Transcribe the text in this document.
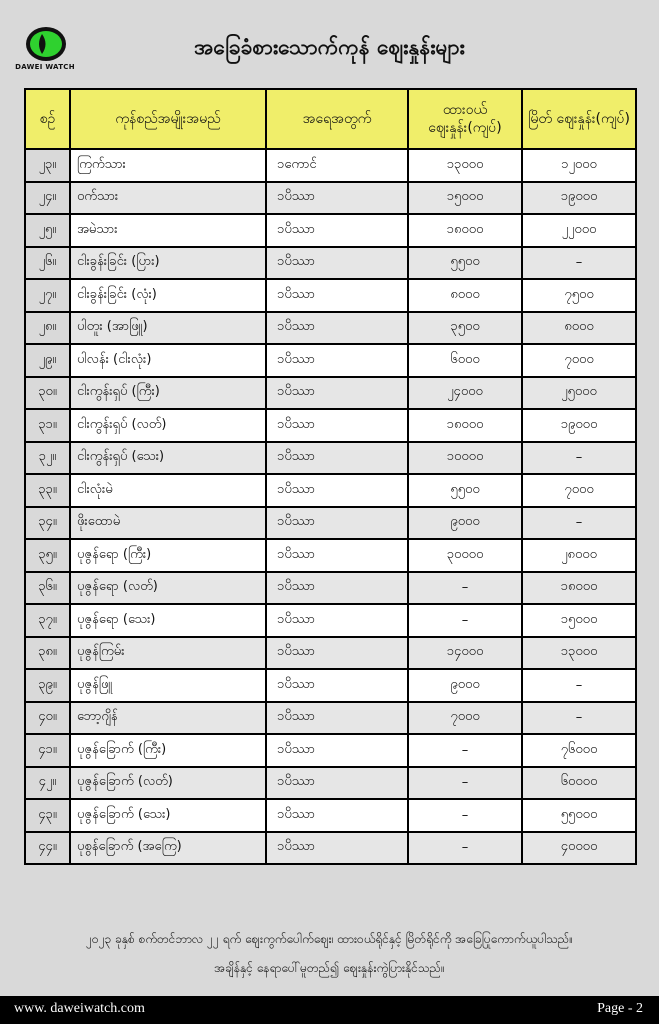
DAWEI WATCH
အခြေခံစားသောက်ကုန် ဈေးနှုန်းများ
စဉ်	ကုန်စည်အမျိုးအမည်	အရေအတွက်	ထားဝယ် ဈေးနှုန်း(ကျပ်)	မြိတ် ဈေးနှုန်း(ကျပ်)
၂၃။	ကြက်သား	၁ကောင်	၁၃၀၀၀	၁၂၀၀၀
၂၄။	ဝက်သား	၁ပိဿာ	၁၅၀၀၀	၁၉၀၀၀
၂၅။	အမဲသား	၁ပိဿာ	၁၈၀၀၀	၂၂၀၀၀
၂၆။	ငါးခွန်းခြင်း (ပြား)	၁ပိဿာ	၅၅၀၀	–
၂၇။	ငါးခွန်းခြင်း (လုံး)	၁ပိဿာ	၈၀၀၀	၇၅၀၀
၂၈။	ပါတူး (အာဖြူ)	၁ပိဿာ	၃၅၀၀	၈၀၀၀
၂၉။	ပါလန်း (ငါးလုံး)	၁ပိဿာ	၆၀၀၀	၇၀၀၀
၃၀။	ငါးကွန်းရှပ် (ကြီး)	၁ပိဿာ	၂၄၀၀၀	၂၅၀၀၀
၃၁။	ငါးကွန်းရှပ် (လတ်)	၁ပိဿာ	၁၈၀၀၀	၁၉၀၀၀
၃၂။	ငါးကွန်းရှပ် (သေး)	၁ပိဿာ	၁၀၀၀၀	–
၃၃။	ငါးလုံးမဲ	၁ပိဿာ	၅၅၀၀	၇၀၀၀
၃၄။	ဖိုးထောမဲ	၁ပိဿာ	၉၀၀၀	–
၃၅။	ပုဇွန်ရော (ကြီး)	၁ပိဿာ	၃၀၀၀၀	၂၈၀၀၀
၃၆။	ပုဇွန်ရော (လတ်)	၁ပိဿာ	–	၁၈၀၀၀
၃၇။	ပုဇွန်ရော (သေး)	၁ပိဿာ	–	၁၅၀၀၀
၃၈။	ပုဇွန်ကြမ်း	၁ပိဿာ	၁၄၀၀၀	၁၃၀၀၀
၃၉။	ပုဇွန်ဖြူ	၁ပိဿာ	၉၀၀၀	–
၄၀။	ဘော့ဂျိန်	၁ပိဿာ	၇၀၀၀	–
၄၁။	ပုဇွန်ခြောက် (ကြီး)	၁ပိဿာ	–	၇၆၀၀၀
၄၂။	ပုဇွန်ခြောက် (လတ်)	၁ပိဿာ	–	၆၀၀၀၀
၄၃။	ပုဇွန်ခြောက် (သေး)	၁ပိဿာ	–	၅၅၀၀၀
၄၄။	ပုစွန်ခြောက် (အကြေ)	၁ပိဿာ	–	၄၀၀၀၀
၂၀၂၃ ခုနှစ် စက်တင်ဘာလ ၂၂ ရက် ဈေးကွက်ပေါက်ဈေး၊ ထားဝယ်ရိုင်နှင့် မြိတ်ရိုင်ကို အခြေပြုကောက်ယူပါသည်။
အချိန်နှင့် နေရာပေါ်မူတည်၍ ဈေးနှုန်းကွဲပြားနိုင်သည်။
www. daweiwatch.com	Page - 2
